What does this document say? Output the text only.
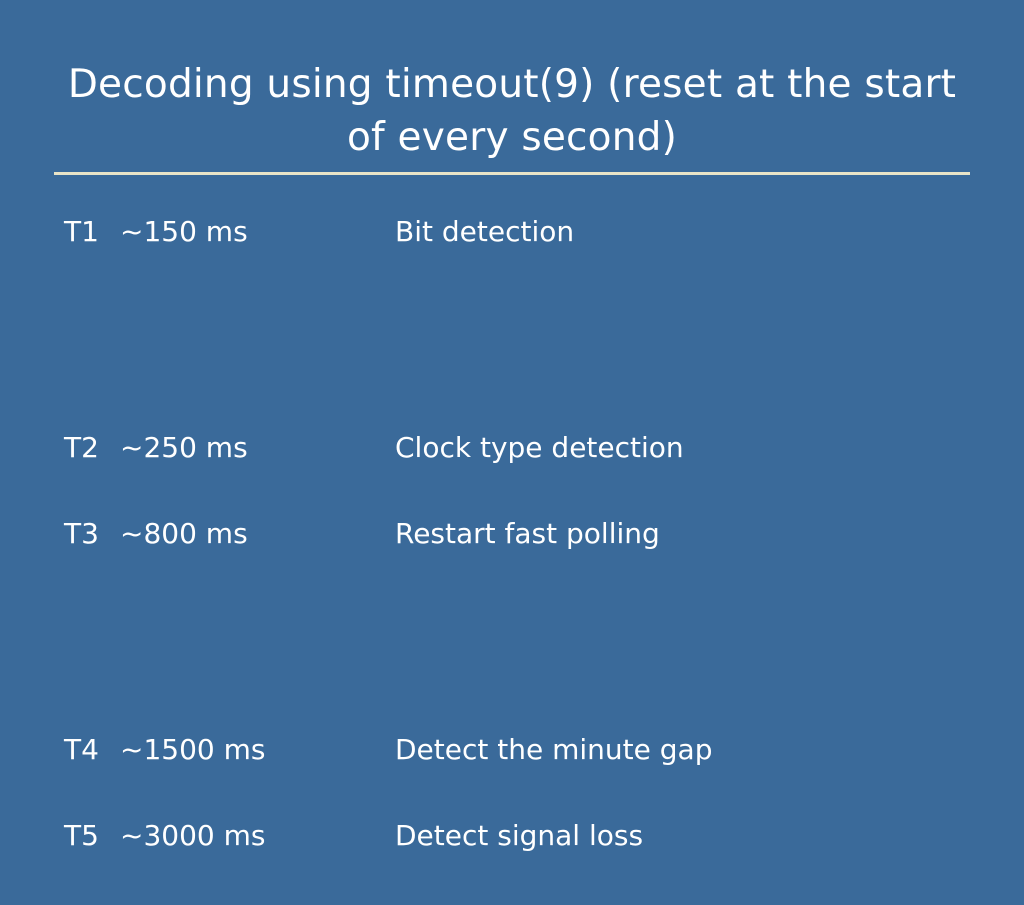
Decoding using timeout(9) (reset at the start of every second)
T1 ~150 ms	Bit detection
T2 ~250 ms	Clock type detection
T3 ~800 ms	Restart fast polling
T4 ~1500 ms	Detect the minute gap
T5 ~3000 ms	Detect signal loss
